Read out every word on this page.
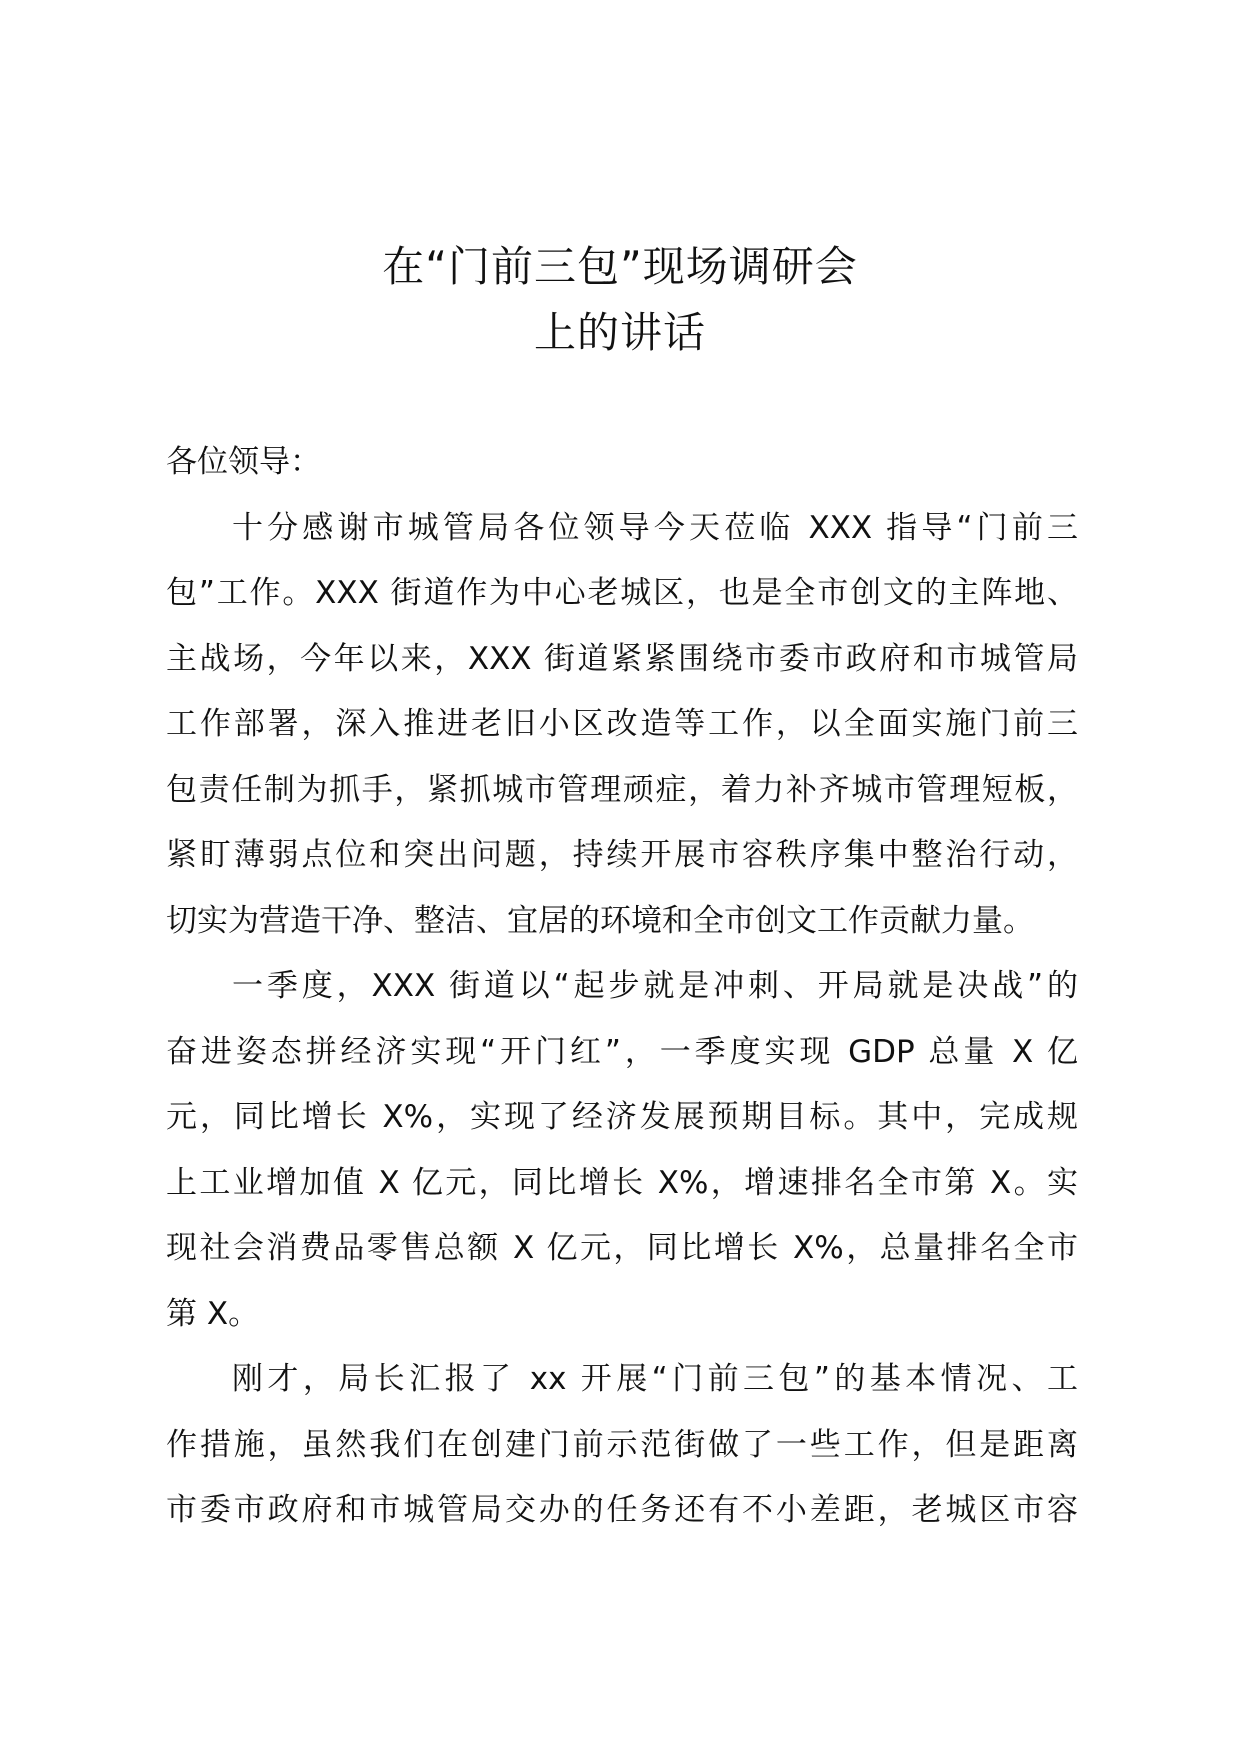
在“门前三包”现场调研会
上的讲话

各位领导：

十分感谢市城管局各位领导今天莅临 XXX 指导“门前三
包”工作。XXX 街道作为中心老城区，也是全市创文的主阵地、
主战场，今年以来，XXX 街道紧紧围绕市委市政府和市城管局
工作部署，深入推进老旧小区改造等工作，以全面实施门前三
包责任制为抓手，紧抓城市管理顽症，着力补齐城市管理短板，
紧盯薄弱点位和突出问题，持续开展市容秩序集中整治行动，
切实为营造干净、整洁、宜居的环境和全市创文工作贡献力量。
一季度，XXX 街道以“起步就是冲刺、开局就是决战”的
奋进姿态拼经济实现“开门红”，一季度实现 GDP 总量 X 亿
元，同比增长 X%，实现了经济发展预期目标。其中，完成规
上工业增加值 X 亿元，同比增长 X%，增速排名全市第 X。实
现社会消费品零售总额 X 亿元，同比增长 X%，总量排名全市
第 X。
刚才，局长汇报了 xx 开展“门前三包”的基本情况、工
作措施，虽然我们在创建门前示范街做了一些工作，但是距离
市委市政府和市城管局交办的任务还有不小差距，老城区市容
